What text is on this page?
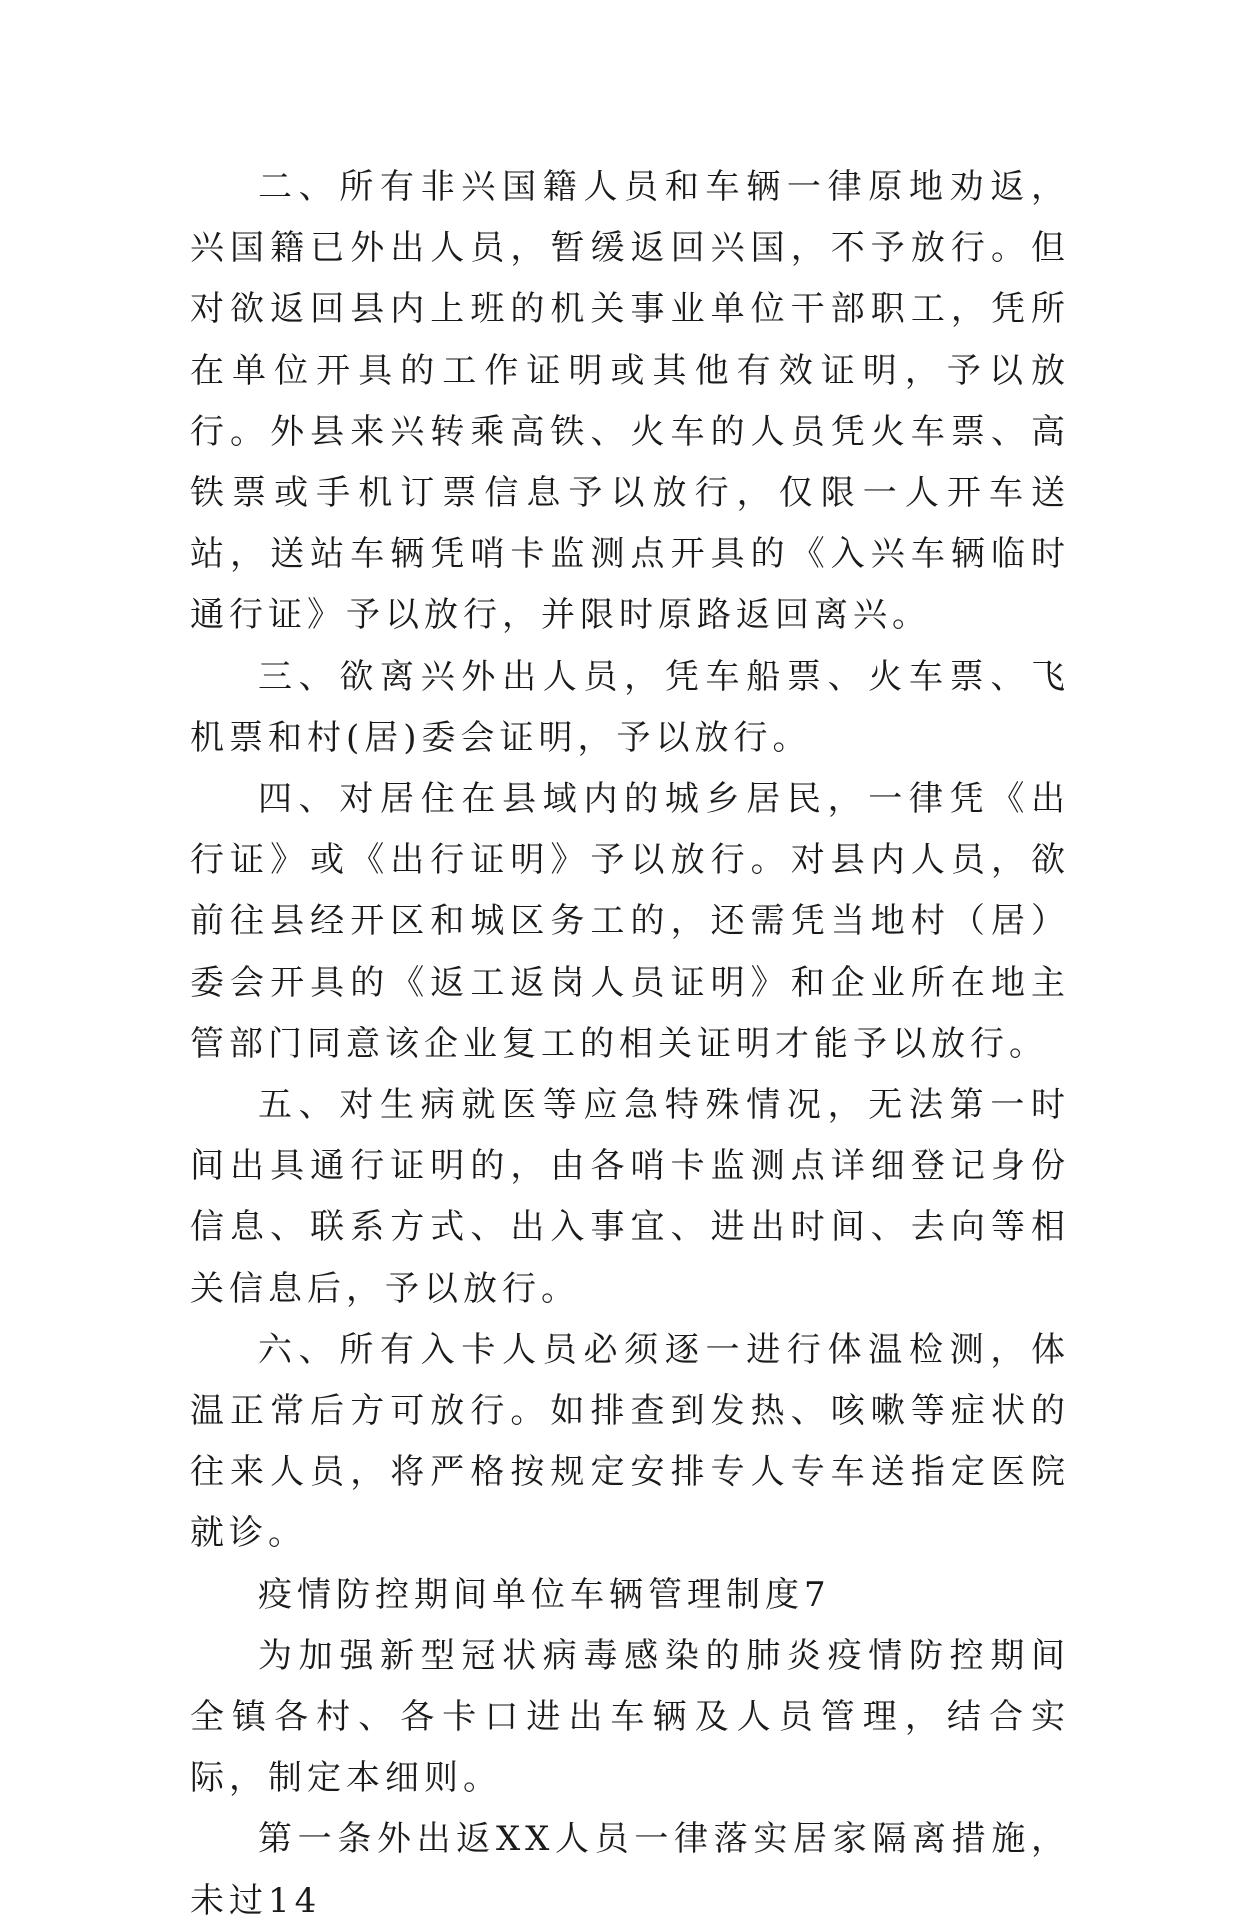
二、所有非兴国籍人员和车辆一律原地劝返，兴国籍已外出人员，暂缓返回兴国，不予放行。但对欲返回县内上班的机关事业单位干部职工，凭所在单位开具的工作证明或其他有效证明，予以放行。外县来兴转乘高铁、火车的人员凭火车票、高铁票或手机订票信息予以放行，仅限一人开车送站，送站车辆凭哨卡监测点开具的《入兴车辆临时通行证》予以放行，并限时原路返回离兴。

三、欲离兴外出人员，凭车船票、火车票、飞机票和村(居)委会证明，予以放行。

四、对居住在县域内的城乡居民，一律凭《出行证》或《出行证明》予以放行。对县内人员，欲前往县经开区和城区务工的，还需凭当地村（居）委会开具的《返工返岗人员证明》和企业所在地主管部门同意该企业复工的相关证明才能予以放行。

五、对生病就医等应急特殊情况，无法第一时间出具通行证明的，由各哨卡监测点详细登记身份信息、联系方式、出入事宜、进出时间、去向等相关信息后，予以放行。

六、所有入卡人员必须逐一进行体温检测，体温正常后方可放行。如排查到发热、咳嗽等症状的往来人员，将严格按规定安排专人专车送指定医院就诊。

疫情防控期间单位车辆管理制度7

为加强新型冠状病毒感染的肺炎疫情防控期间全镇各村、各卡口进出车辆及人员管理，结合实际，制定本细则。

第一条外出返XX人员一律落实居家隔离措施，未过14
